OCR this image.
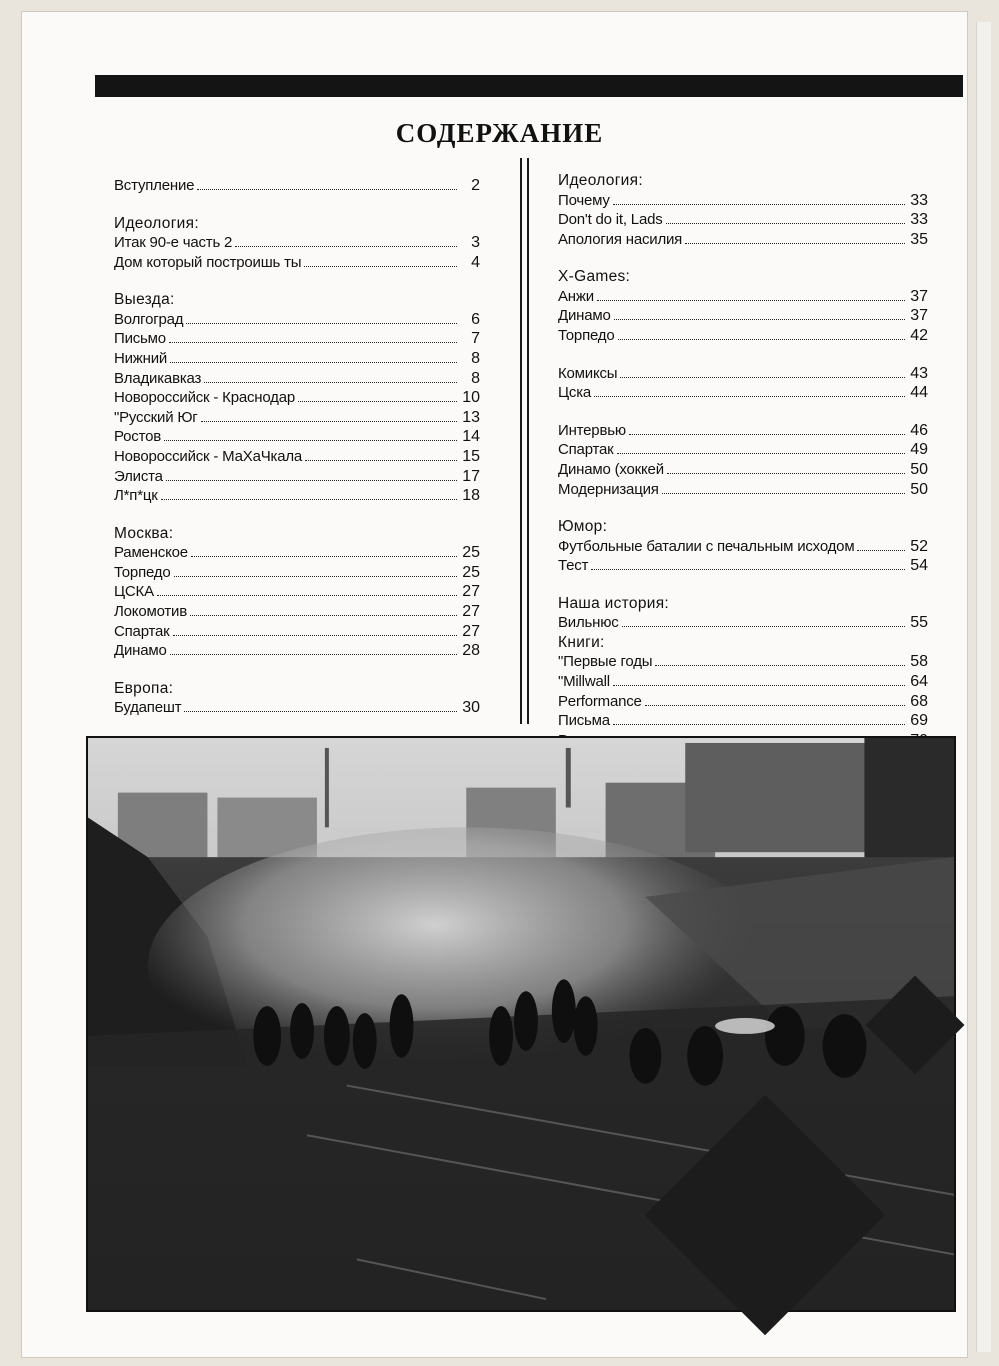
СОДЕРЖАНИЕ
Вступление	2
Идеология:
Итак 90-е часть 2	3
Дом который построишь ты	4
Выезда:
Волгоград	6
Письмо	7
Нижний	8
Владикавказ	8
Новороссийск - Краснодар	10
"Русский Юг	13
Ростов	14
Новороссийск - МаХаЧкала	15
Элиста	17
Л*п*цк	18
Москва:
Раменское	25
Торпедо	25
ЦСКА	27
Локомотив	27
Спартак	27
Динамо	28
Европа:
Будапешт	30
Идеология:
Почему	33
Don't do it, Lads	33
Апология насилия	35
X-Games:
Анжи	37
Динамо	37
Торпедо	42
Комиксы	43
Цска	44
Интервью	46
Спартак	49
Динамо (хоккей	50
Модернизация	50
Юмор:
Футбольные баталии с печальным исходом	52
Тест	54
Наша история:
Вильнюс	55
Книги:
"Первые годы	58
"Millwall	64
Performance	68
Письма	69
